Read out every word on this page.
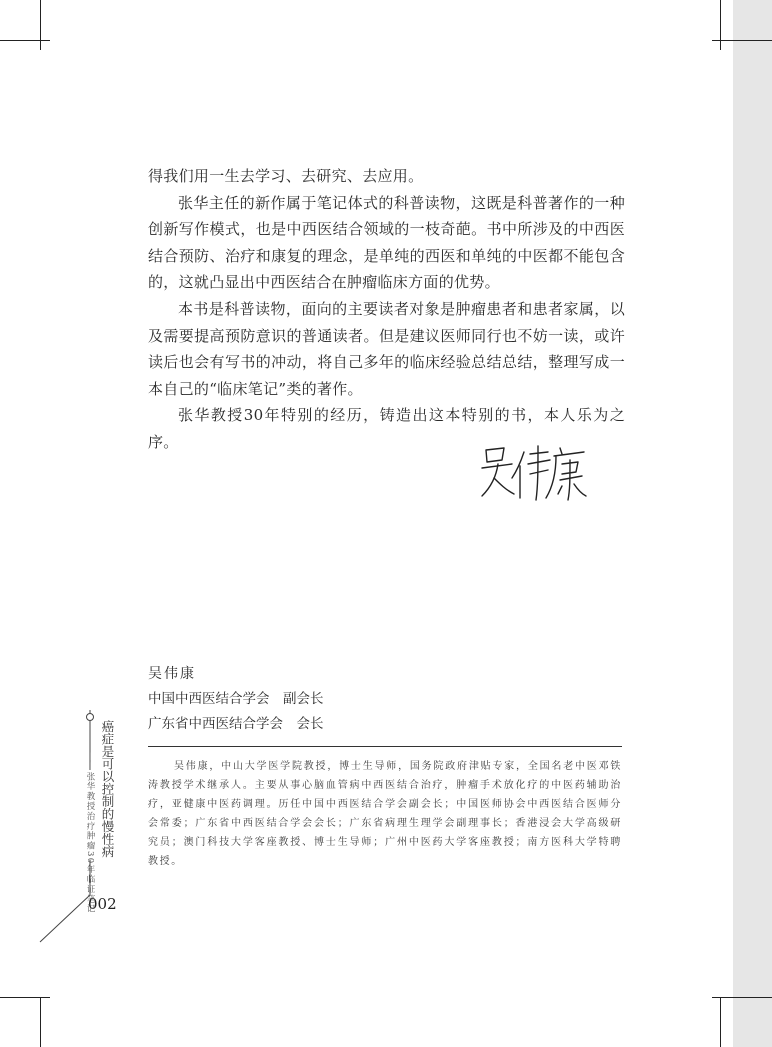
得我们用一生去学习、去研究、去应用。

张华主任的新作属于笔记体式的科普读物，这既是科普著作的一种创新写作模式，也是中西医结合领域的一枝奇葩。书中所涉及的中西医结合预防、治疗和康复的理念，是单纯的西医和单纯的中医都不能包含的，这就凸显出中西医结合在肿瘤临床方面的优势。

本书是科普读物，面向的主要读者对象是肿瘤患者和患者家属，以及需要提高预防意识的普通读者。但是建议医师同行也不妨一读，或许读后也会有写书的冲动，将自己多年的临床经验总结总结，整理写成一本自己的“临床笔记”类的著作。

张华教授30年特别的经历，铸造出这本特别的书，本人乐为之序。

吴伟康
中国中西医结合学会　副会长
广东省中西医结合学会　会长
吴伟康，中山大学医学院教授，博士生导师，国务院政府津贴专家，全国名老中医邓铁涛教授学术继承人。主要从事心脑血管病中西医结合治疗，肿瘤手术放化疗的中医药辅助治疗，亚健康中医药调理。历任中国中西医结合学会副会长；中国医师协会中西医结合医师分会常委；广东省中西医结合学会会长；广东省病理生理学会副理事长；香港浸会大学高级研究员；澳门科技大学客座教授、博士生导师；广州中医药大学客座教授；南方医科大学特聘教授。
癌症是可以控制的慢性病
——张华教授治疗肿瘤30年临证笔记
002
